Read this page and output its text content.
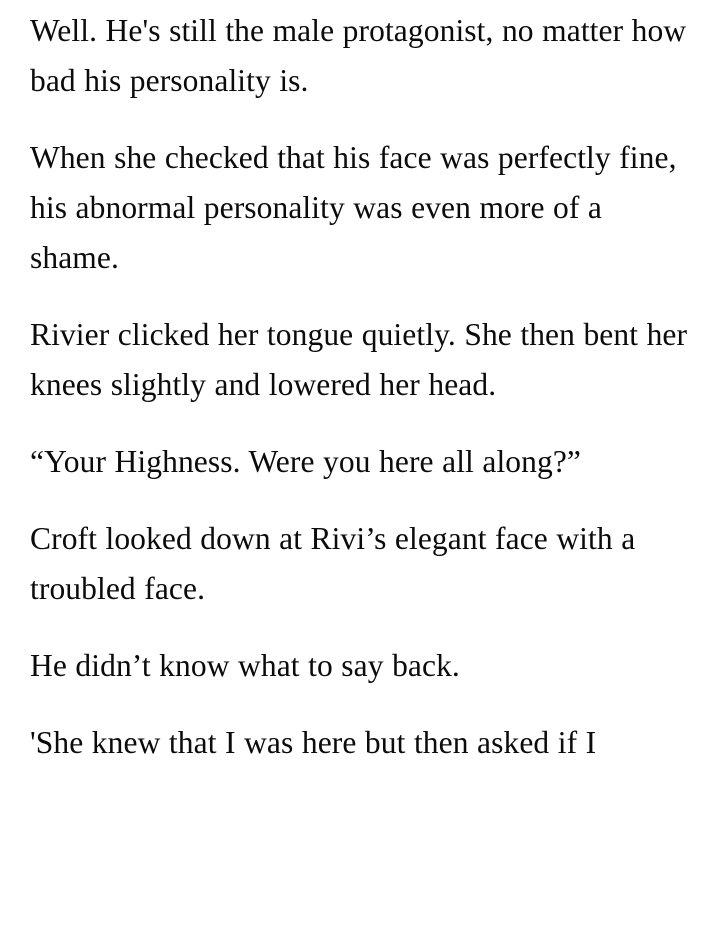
Well. He's still the male protagonist, no matter how bad his personality is.

When she checked that his face was perfectly fine, his abnormal personality was even more of a shame.

Rivier clicked her tongue quietly. She then bent her knees slightly and lowered her head.

“Your Highness. Were you here all along?”

Croft looked down at Rivi’s elegant face with a troubled face.

He didn’t know what to say back.

'She knew that I was here but then asked if I
